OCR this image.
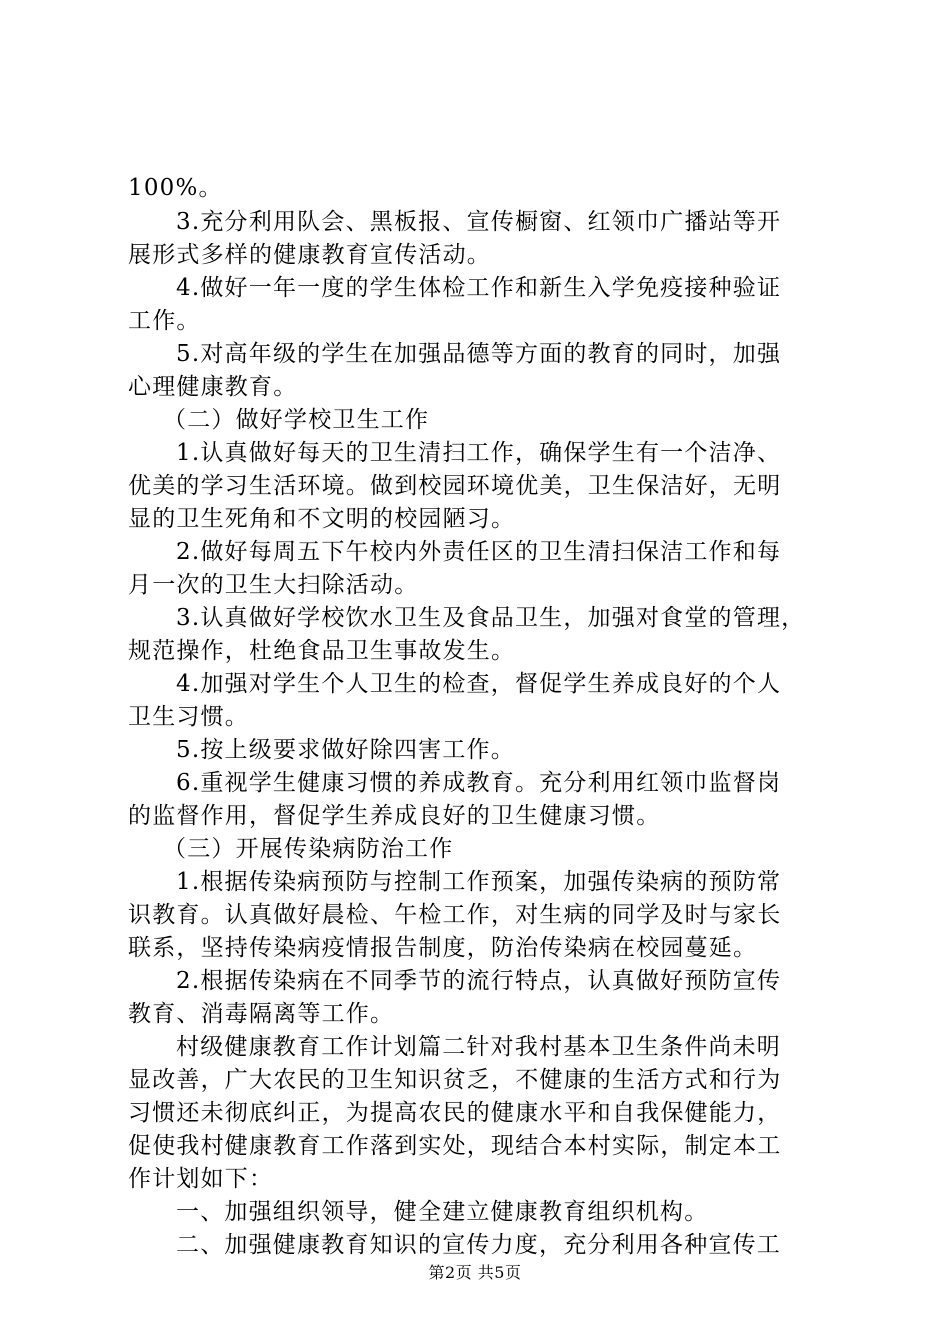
100%。
3.充分利用队会、黑板报、宣传橱窗、红领巾广播站等开
展形式多样的健康教育宣传活动。
4.做好一年一度的学生体检工作和新生入学免疫接种验证
工作。
5.对高年级的学生在加强品德等方面的教育的同时，加强
心理健康教育。
（二）做好学校卫生工作
1.认真做好每天的卫生清扫工作，确保学生有一个洁净、
优美的学习生活环境。做到校园环境优美，卫生保洁好，无明
显的卫生死角和不文明的校园陋习。
2.做好每周五下午校内外责任区的卫生清扫保洁工作和每
月一次的卫生大扫除活动。
3.认真做好学校饮水卫生及食品卫生，加强对食堂的管理，
规范操作，杜绝食品卫生事故发生。
4.加强对学生个人卫生的检查，督促学生养成良好的个人
卫生习惯。
5.按上级要求做好除四害工作。
6.重视学生健康习惯的养成教育。充分利用红领巾监督岗
的监督作用，督促学生养成良好的卫生健康习惯。
（三）开展传染病防治工作
1.根据传染病预防与控制工作预案，加强传染病的预防常
识教育。认真做好晨检、午检工作，对生病的同学及时与家长
联系，坚持传染病疫情报告制度，防治传染病在校园蔓延。
2.根据传染病在不同季节的流行特点，认真做好预防宣传
教育、消毒隔离等工作。
村级健康教育工作计划篇二针对我村基本卫生条件尚未明
显改善，广大农民的卫生知识贫乏，不健康的生活方式和行为
习惯还未彻底纠正，为提高农民的健康水平和自我保健能力，
促使我村健康教育工作落到实处，现结合本村实际，制定本工
作计划如下：
一、加强组织领导，健全建立健康教育组织机构。
二、加强健康教育知识的宣传力度，充分利用各种宣传工
第2页 共5页
